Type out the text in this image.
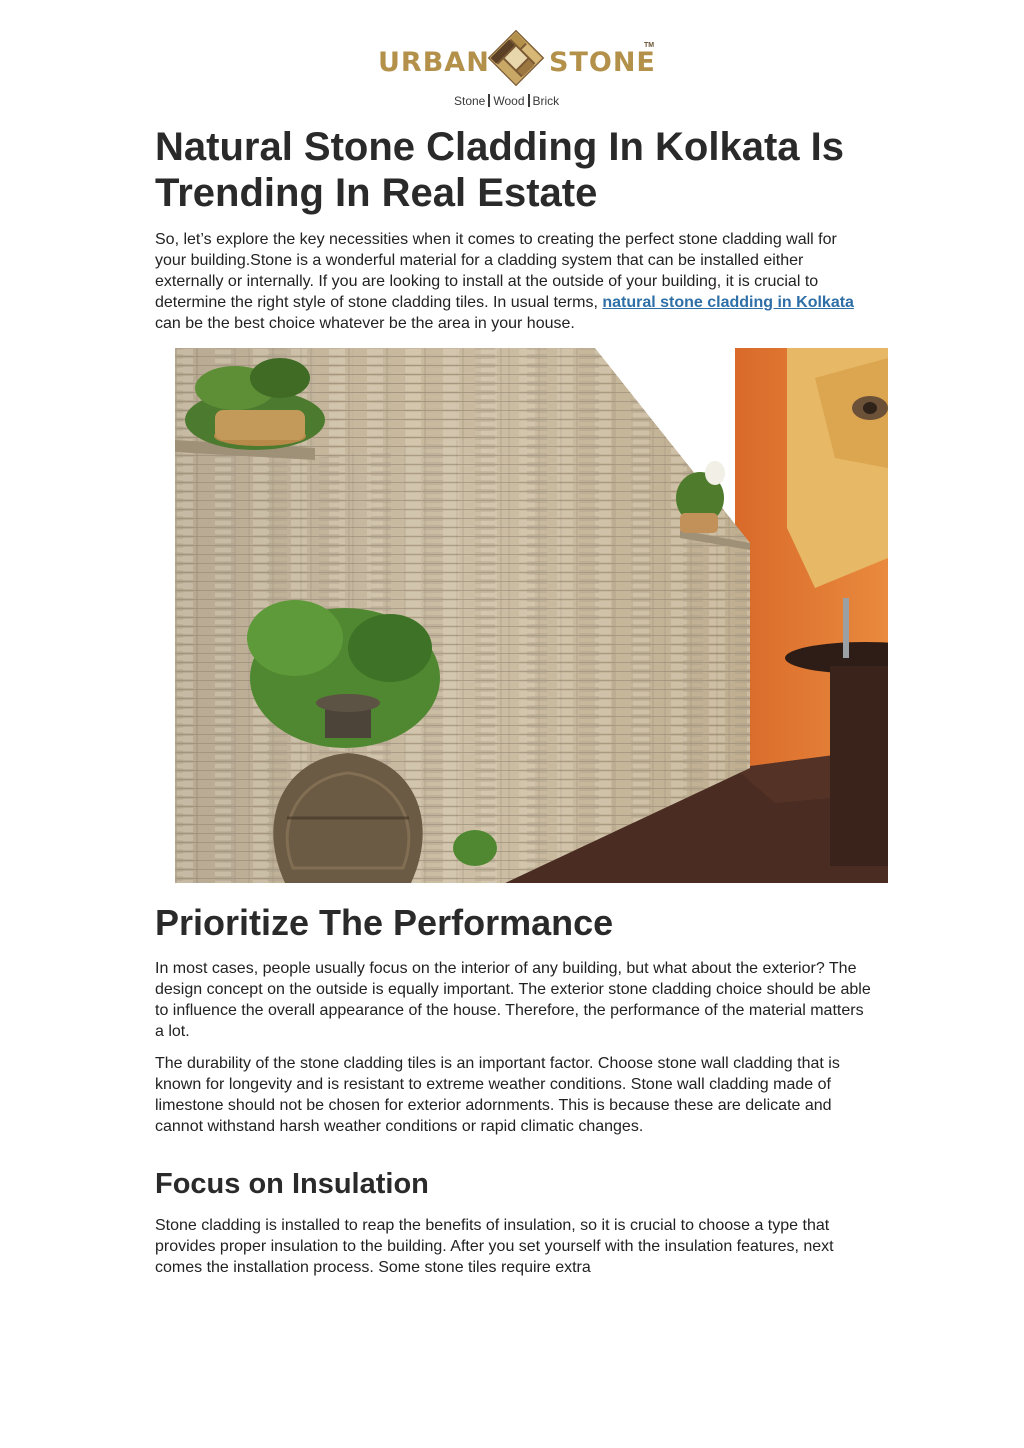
URBAN STONE
TM
Stone Wood Brick
Natural Stone Cladding In Kolkata Is Trending In Real Estate

So, let’s explore the key necessities when it comes to creating the perfect stone cladding wall for your building.Stone is a wonderful material for a cladding system that can be installed either externally or internally. If you are looking to install at the outside of your building, it is crucial to determine the right style of stone cladding tiles. In usual terms, natural stone cladding in Kolkata can be the best choice whatever be the area in your house.

Prioritize The Performance

In most cases, people usually focus on the interior of any building, but what about the exterior? The design concept on the outside is equally important. The exterior stone cladding choice should be able to influence the overall appearance of the house. Therefore, the performance of the material matters a lot.

The durability of the stone cladding tiles is an important factor. Choose stone wall cladding that is known for longevity and is resistant to extreme weather conditions. Stone wall cladding made of limestone should not be chosen for exterior adornments. This is because these are delicate and cannot withstand harsh weather conditions or rapid climatic changes.

Focus on Insulation

Stone cladding is installed to reap the benefits of insulation, so it is crucial to choose a type that provides proper insulation to the building. After you set yourself with the insulation features, next comes the installation process. Some stone tiles require extra
